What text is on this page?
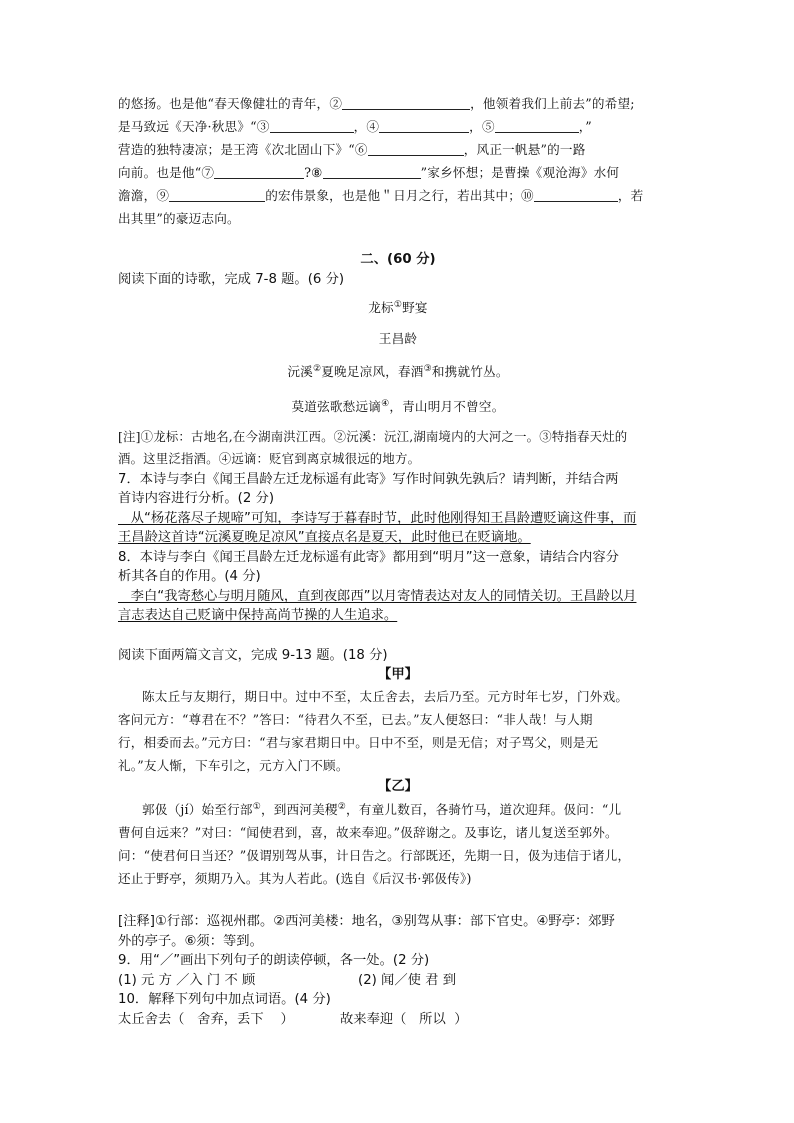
的悠扬。也是他“春天像健壮的青年，②	，他领着我们上前去”的希望;

是马致远《天净·秋思》“③	，④	，⑤	，”

营造的独特凄凉；是王湾《次北固山下》“⑥	，风正一帆悬”的一路

向前。也是他“⑦	?⑧	”家乡怀想；是曹操《观沧海》水何

澹澹，⑨	的宏伟景象，也是他＂日月之行，若出其中；⑩	，若

出其里”的豪迈志向。

二、(60 分)

阅读下面的诗歌，完成 7-8 题。(6 分)

龙标①野宴

王昌龄

沅溪②夏晚足凉风，春酒③和携就竹丛。

莫道弦歌愁远谪④，青山明月不曾空。

[注]①龙标：古地名,在今湖南洪江西。②沅溪：沅江,湖南境内的大河之一。③特指春天灶的

酒。这里泛指酒。④远谪：贬官到离京城很远的地方。

7．本诗与李白《闻王昌龄左迁龙标遥有此寄》写作时间孰先孰后？请判断，并结合两

首诗内容进行分析。(2 分)

从“杨花落尽子规啼”可知，李诗写于暮春时节，此时他刚得知王昌龄遭贬谪这件事，而

王昌龄这首诗“沅溪夏晚足凉风”直接点名是夏天，此时他已在贬谪地。

8．本诗与李白《闻王昌龄左迁龙标遥有此寄》都用到“明月”这一意象，请结合内容分

析其各自的作用。(4 分)

李白“我寄愁心与明月随风，直到夜郎西”以月寄情表达对友人的同情关切。王昌龄以月

言志表达自己贬谪中保持高尚节操的人生追求。

阅读下面两篇文言文，完成 9-13 题。(18 分)

【甲】

陈太丘与友期行，期日中。过中不至，太丘舍去，去后乃至。元方时年七岁，门外戏。

客问元方：“尊君在不？”答曰：“待君久不至，已去。”友人便怒曰：“非人哉！与人期

行，相委而去。”元方曰：“君与家君期日中。日中不至，则是无信；对子骂父，则是无

礼。”友人惭，下车引之，元方入门不顾。

【乙】

郭伋（jí）始至行部①，到西河美稷②，有童儿数百，各骑竹马，道次迎拜。伋问：“儿

曹何自远来？”对曰：“闻使君到，喜，故来奉迎。”伋辞谢之。及事讫，诸儿复送至郭外。

问：“使君何日当还？”伋谓别驾从事，计日告之。行部既还，先期一日，伋为违信于诸儿，

还止于野亭，须期乃入。其为人若此。(选自《后汉书·郭伋传》)

[注释]①行部：巡视州郡。②西河美楼：地名，③别驾从事：部下官史。④野亭：郊野

外的亭子。⑥须：等到。

9．用“／”画出下列句子的朗读停顿，各一处。(2 分)

(1) 元 方 ／入 门 不 顾	(2) 闻／使 君 到

10．解释下列句中加点词语。(4 分)

太丘舍去（   舍弃，丢下    ）	故来奉迎（   所以  ）
